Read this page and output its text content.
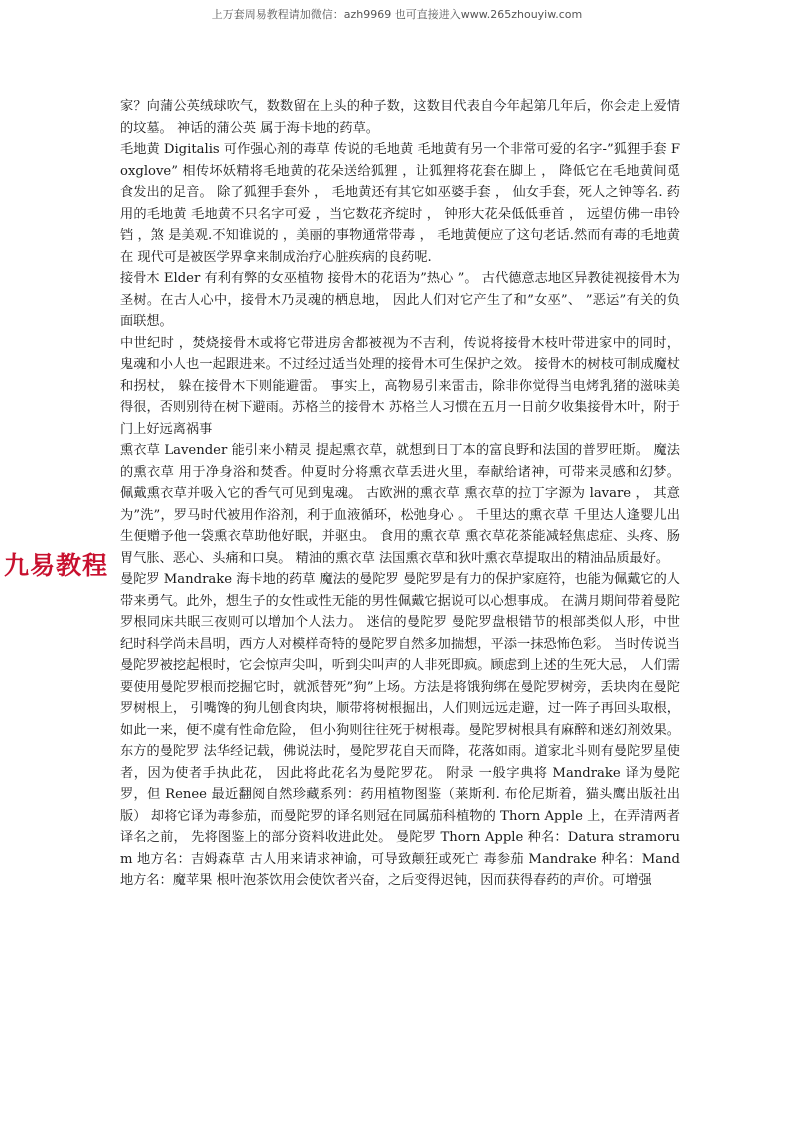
上万套周易教程请加微信：azh9969 也可直接进入www.265zhouyiw.com
九易教程

家？向蒲公英绒球吹气，数数留在上头的种子数，这数目代表自今年起第几年后，你会走上爱情的坟墓。 神话的蒲公英 属于海卡地的药草。

毛地黄 Digitalis 可作强心剂的毒草 传说的毛地黄 毛地黄有另一个非常可爱的名字-”狐狸手套 Foxglove” 相传坏妖精将毛地黄的花朵送给狐狸 ，让狐狸将花套在脚上 ， 降低它在毛地黄间觅食发出的足音。 除了狐狸手套外 ， 毛地黄还有其它如巫婆手套 ， 仙女手套，死人之钟等名. 药用的毛地黄 毛地黄不只名字可爱 ，当它数花齐绽时 ， 钟形大花朵低低垂首 ， 远望仿佛一串铃铛 ，煞 是美观.不知谁说的 ，美丽的事物通常带毒 ， 毛地黄便应了这句老话.然而有毒的毛地黄在 现代可是被医学界拿来制成治疗心脏疾病的良药呢.

接骨木 Elder 有利有弊的女巫植物 接骨木的花语为”热心 ”。 古代德意志地区异教徒视接骨木为圣树。在古人心中，接骨木乃灵魂的栖息地， 因此人们对它产生了和”女巫”、 ”恶运”有关的负面联想。

中世纪时 ，焚烧接骨木或将它带进房舍都被视为不吉利，传说将接骨木枝叶带进家中的同时， 鬼魂和小人也一起跟进来。不过经过适当处理的接骨木可生保护之效。 接骨木的树枝可制成魔杖和拐杖， 躲在接骨木下则能避雷。 事实上，高物易引来雷击，除非你觉得当电烤乳猪的滋味美得很，否则别待在树下避雨。苏格兰的接骨木 苏格兰人习惯在五月一日前夕收集接骨木叶，附于门上好远离祸事

熏衣草 Lavender 能引来小精灵 提起熏衣草，就想到日丁本的富良野和法国的普罗旺斯。 魔法的熏衣草 用于净身浴和焚香。仲夏时分将熏衣草丢进火里，奉献给诸神，可带来灵感和幻梦。 佩戴熏衣草并吸入它的香气可见到鬼魂。 古欧洲的熏衣草 熏衣草的拉丁字源为 lavare ， 其意为”洗”，罗马时代被用作浴剂，利于血液循环，松弛身心 。 千里达的熏衣草 千里达人逢婴儿出生便赠予他一袋熏衣草助他好眠，并驱虫。 食用的熏衣草 熏衣草花茶能减轻焦虑症、头疼、肠胃气胀、恶心、头痛和口臭。 精油的熏衣草 法国熏衣草和狄叶熏衣草提取出的精油品质最好。

曼陀罗 Mandrake 海卡地的药草 魔法的曼陀罗 曼陀罗是有力的保护家庭符，也能为佩戴它的人带来勇气。此外，想生子的女性或性无能的男性佩戴它据说可以心想事成。 在满月期间带着曼陀罗根同床共眠三夜则可以增加个人法力。 迷信的曼陀罗 曼陀罗盘根错节的根部类似人形，中世纪时科学尚未昌明，西方人对模样奇特的曼陀罗自然多加揣想，平添一抹恐怖色彩。 当时传说当曼陀罗被挖起根时，它会惊声尖叫，听到尖叫声的人非死即疯。顾虑到上述的生死大忌， 人们需要使用曼陀罗根而挖掘它时，就派替死”狗”上场。方法是将饿狗绑在曼陀罗树旁，丢块肉在曼陀罗树根上， 引嘴馋的狗儿刨食肉块，顺带将树根掘出，人们则远远走避，过一阵子再回头取根，如此一来，便不虞有性命危险， 但小狗则往往死于树根毒。曼陀罗树根具有麻醉和迷幻剂效果。 东方的曼陀罗 法华经记载，佛说法时，曼陀罗花自天而降，花落如雨。道家北斗则有曼陀罗星使者，因为使者手执此花， 因此将此花名为曼陀罗花。 附录 一般字典将 Mandrake 译为曼陀罗，但 Renee 最近翻阅自然珍藏系列：药用植物图鉴（莱斯利. 布伦尼斯着，猫头鹰出版社出版） 却将它译为毒参茄，而曼陀罗的译名则冠在同属茄科植物的 Thorn Apple 上，在弄清两者译名之前， 先将图鉴上的部分资料收进此处。 曼陀罗 Thorn Apple 种名：Datura stramorum 地方名：吉姆森草 古人用来请求神谕，可导致颠狂或死亡 毒参茄 Mandrake 种名：Mand 地方名：魔苹果 根叶泡茶饮用会使饮者兴奋，之后变得迟钝，因而获得春药的声价。可增强
